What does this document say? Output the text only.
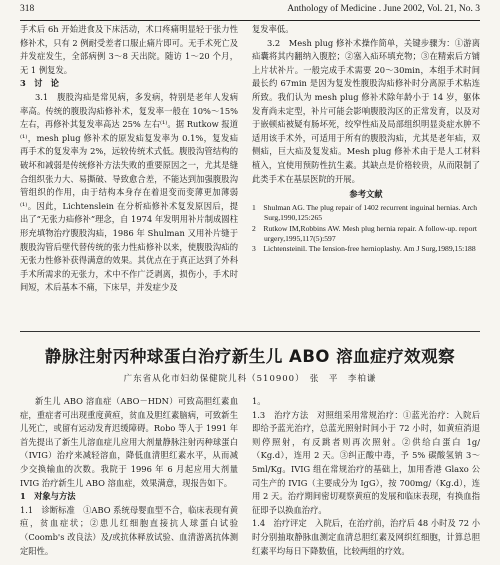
318	Anthology of Medicine . June 2002, Vol. 21, No. 3

手术后 6h 开始进食及下床活动，术口疼痛明显轻于张力性修补术，只有 2 例耐受差者口服止痛片即可。无手术死亡及并发症发生，全部病例 3～8 天出院。随访 1～20 个月，无 1 例复发。

3　讨　论

3.1　腹股沟疝是常见病，多发病，特别是老年人发病率高。传统的腹股沟疝修补术，复发率一般在 10%～15% 左右，再修补其复发率高达 25% 左右⁽¹⁾。据 Rutkow 报道⁽¹⁾，mesh plug 修补术的原发疝复发率为 0.1%，复发疝再手术的复发率为 2%，远较传统术式低。腹股沟管结构的破坏和减弱是传统修补方法失败的重要原因之一，尤其是缝合组织张力大、易撕破、导致愈合差，不能达到加强腹股沟管组织的作用，由于结构本身存在着退变而变薄更加薄弱⁽¹⁾。因此，Lichtenslein 在分析疝修补术复发原因后，提出了“无张力疝修补”理念，自 1974 年发明用补片制成圆柱形充填物治疗腹股沟疝，1986 年 Shulman 又用补片缝于腹股沟管后壁代替传统的张力性疝修补以来，使腹股沟疝的无张力性修补获得满意的效果。其优点在于真正达到了外科手术所需求的无张力，术中不作广泛剥离，损伤小，手术时间短，术后基本不痛，下床早，并发症少及

复发率低。

3.2　Mesh plug 修补术操作简单，关键步骤为：①游离疝囊将其内翻纳入腹腔；②塞入疝环填充物；③在精索后方铺上片状补片。一般完成手术需要 20～30min，本组手术时间最长约 67min 是因为复发性腹股沟疝修补时分离原手术粘连所致。我们认为 mesh plug 修补术除年龄小于 14 岁，躯体发育尚未定型，补片可能会影响腹股沟区的正常发育，以及对于嵌顿疝被疑有肠坏死，绞窄性疝及局部组织明显炎症水肿不适用该手术外，可适用于所有的腹股沟疝，尤其是老年疝，双侧疝，巨大疝及复发疝。Mesh plug 修补术由于是人工材料植入，宜使用预防性抗生素。其缺点是价格较贵，从而限制了此类手术在基层医院的开展。

参考文献

1　Shulman AG. The plug repair of 1402 recurrent inguinal hernias. Arch Surg,1990,125:265

2　Rutkow IM,Robbins AW. Mesh plug hernia repair. A follow-up. report urgery,1995,117(5):597

3　Lichtensteinil. The Iension-free hernioplashy. Am J Surg,1989,15:188

静脉注射丙种球蛋白治疗新生儿 ABO 溶血症疗效观察
广东省从化市妇幼保健院儿科（510900）　张　平　李柏谦

新生儿 ABO 溶血症（ABO－HDN）可致高胆红素血症，重症者可出现重度黄疸，贫血及胆红素脑病，可致新生儿死亡，或留有运动发育迟缓障碍。Robo 等人于 1991 年首先提出了新生儿溶血症儿应用大剂量静脉注射丙种球蛋白（IVIG）治疗来减轻溶血，降低血清胆红素水平，从而减少交换输血的次数。我院于 1996 年 6 月起应用大剂量 IVIG 治疗新生儿 ABO 溶血症，效果满意，现报告如下。

1　对象与方法

1.1　诊断标准　①ABO 系统母婴血型不合，临床表现有黄疸，贫血症状；②患儿红细胞直接抗人球蛋白试验（Coomb's 改良法）及/或抗体释放试验、血清游离抗体测定阳性。

1。

1.3　治疗方法　对照组采用常规治疗：①蓝光治疗：入院后即给予蓝光治疗，总蓝光照射时间小于 72 小时，如黄疸消退则停照射，有反跳者则再次照射。②供给白蛋白 1g/（Kg.d），连用 2 天。③纠正酸中毒，予 5% 碳酸氢钠 3～5ml/Kg。IVIG 组在常规治疗的基础上，加用香港 Glaxo 公司生产的 IVIG（主要成分为 IgG），按 700mg/（Kg.d），连用 2 天。治疗期间密切观察黄疸的发展和临床表现，有换血指征即予以换血治疗。

1.4　治疗评定　入院后，在治疗前，治疗后 48 小时及 72 小时分别抽取静脉血测定血清总胆红素及网织红细胞，计算总胆红素平均每日下降数值，比较两组的疗效。
